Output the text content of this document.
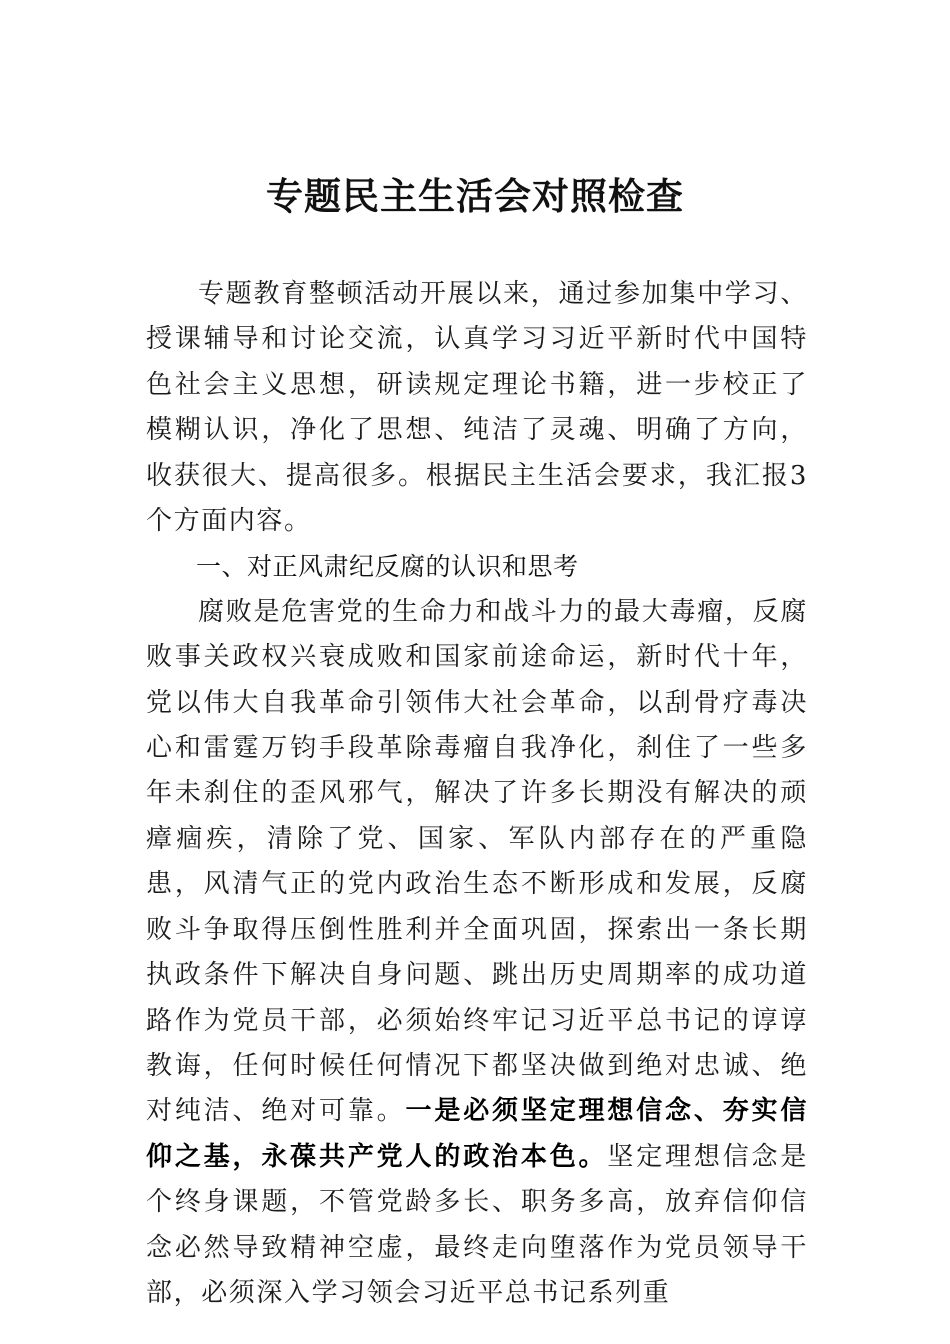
专题民主生活会对照检查

专题教育整顿活动开展以来，通过参加集中学习、授课辅导和讨论交流，认真学习习近平新时代中国特色社会主义思想，研读规定理论书籍，进一步校正了模糊认识，净化了思想、纯洁了灵魂、明确了方向，收获很大、提高很多。根据民主生活会要求，我汇报3个方面内容。

一、对正风肃纪反腐的认识和思考

腐败是危害党的生命力和战斗力的最大毒瘤，反腐败事关政权兴衰成败和国家前途命运，新时代十年，党以伟大自我革命引领伟大社会革命，以刮骨疗毒决心和雷霆万钧手段革除毒瘤自我净化，刹住了一些多年未刹住的歪风邪气，解决了许多长期没有解决的顽瘴痼疾，清除了党、国家、军队内部存在的严重隐患，风清气正的党内政治生态不断形成和发展，反腐败斗争取得压倒性胜利并全面巩固，探索出一条长期执政条件下解决自身问题、跳出历史周期率的成功道路作为党员干部，必须始终牢记习近平总书记的谆谆教诲，任何时候任何情况下都坚决做到绝对忠诚、绝对纯洁、绝对可靠。一是必须坚定理想信念、夯实信仰之基，永葆共产党人的政治本色。坚定理想信念是个终身课题，不管党龄多长、职务多高，放弃信仰信念必然导致精神空虚，最终走向堕落作为党员领导干部，必须深入学习领会习近平总书记系列重
